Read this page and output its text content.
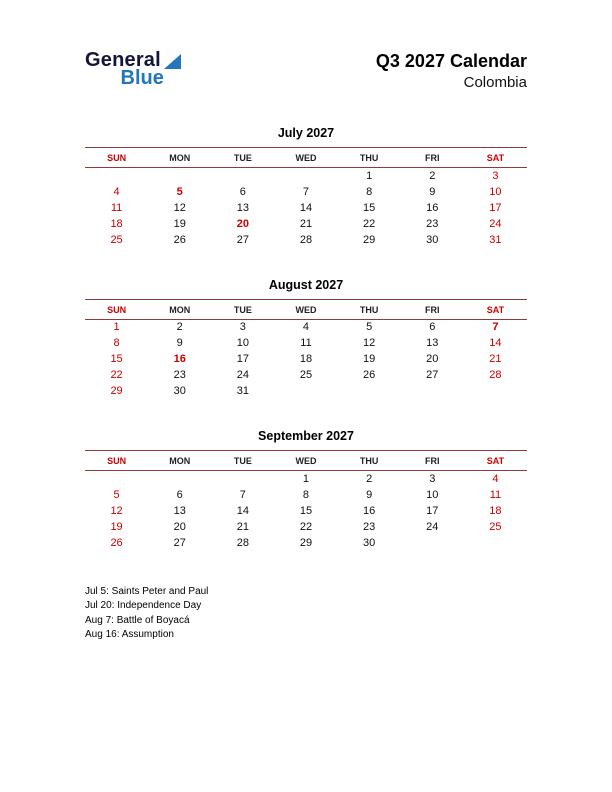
General
Blue
Q3 2027 Calendar
Colombia
July 2027
SUN	MON	TUE	WED	THU	FRI	SAT
				1	2	3
4	5	6	7	8	9	10
11	12	13	14	15	16	17
18	19	20	21	22	23	24
25	26	27	28	29	30	31
August 2027
SUN	MON	TUE	WED	THU	FRI	SAT
1	2	3	4	5	6	7
8	9	10	11	12	13	14
15	16	17	18	19	20	21
22	23	24	25	26	27	28
29	30	31				
September 2027
SUN	MON	TUE	WED	THU	FRI	SAT
			1	2	3	4
5	6	7	8	9	10	11
12	13	14	15	16	17	18
19	20	21	22	23	24	25
26	27	28	29	30		
Jul 5: Saints Peter and Paul
Jul 20: Independence Day
Aug 7: Battle of Boyacá
Aug 16: Assumption
